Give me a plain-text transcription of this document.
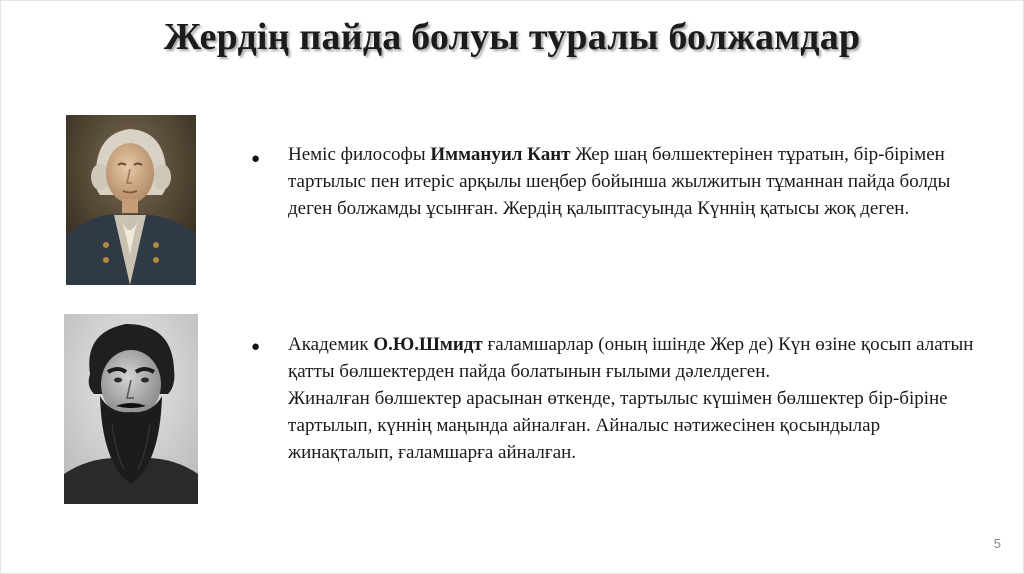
Жердің пайда болуы туралы болжамдар
●	Неміс философы Иммануил Кант Жер шаң бөлшектерінен тұратын, бір-бірімен тартылыс пен итеріс арқылы шеңбер бойынша жылжитын тұманнан пайда болды деген болжамды ұсынған. Жердің қалыптасуында Күннің қатысы жоқ деген.
●	Академик О.Ю.Шмидт ғаламшарлар (оның ішінде Жер де) Күн өзіне қосып алатын қатты бөлшектерден пайда болатынын ғылыми дәлелдеген.
Жиналған бөлшектер арасынан өткенде, тартылыс күшімен бөлшектер бір-біріне тартылып, күннің маңында айналған. Айналыс нәтижесінен қосындылар жинақталып, ғаламшарға айналған.
5
